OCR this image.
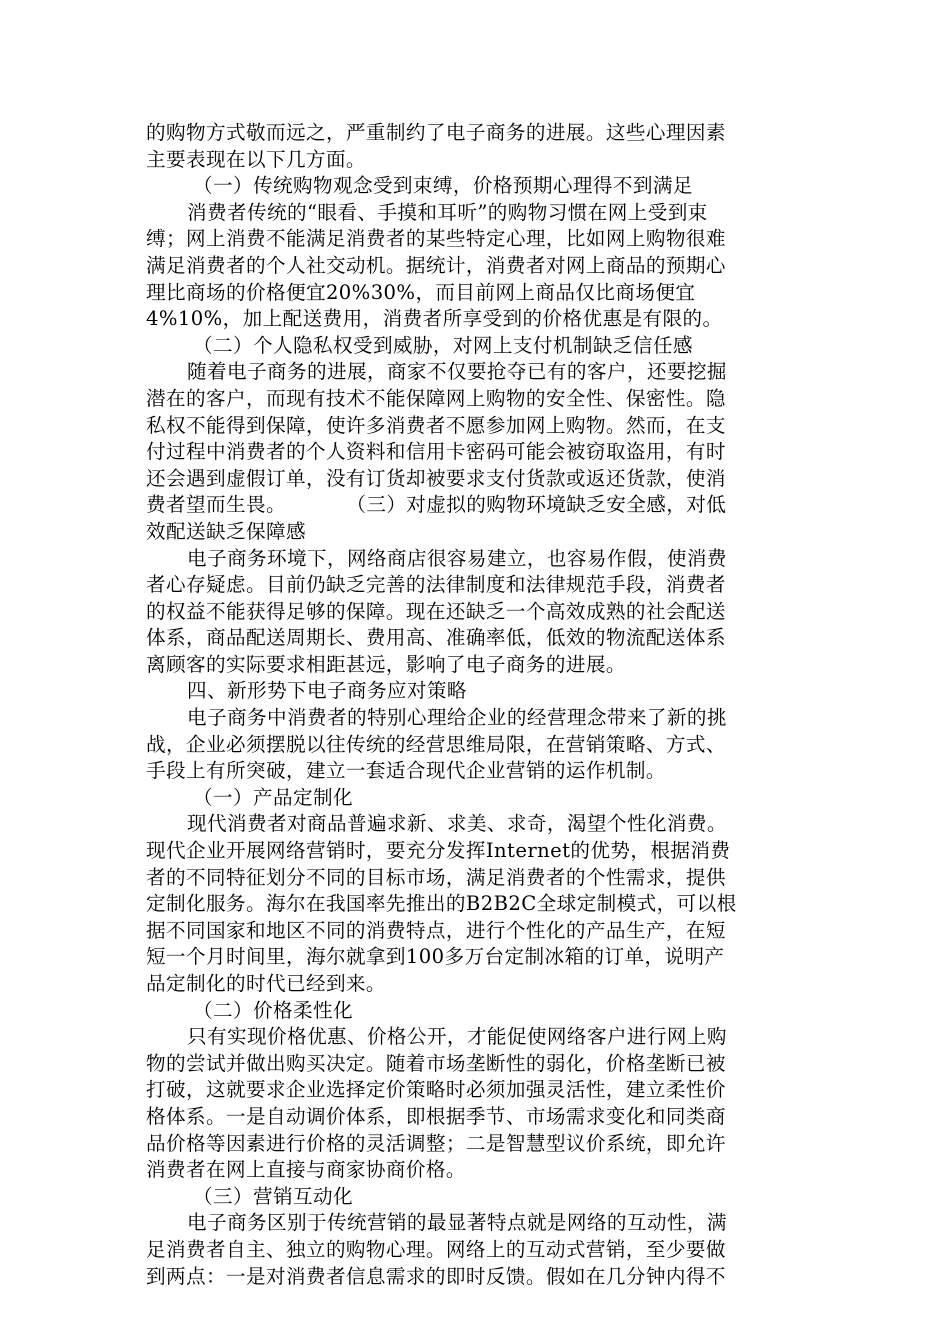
的购物方式敬而远之，严重制约了电子商务的进展。这些心理因素
主要表现在以下几方面。
（一）传统购物观念受到束缚，价格预期心理得不到满足
消费者传统的“眼看、手摸和耳听”的购物习惯在网上受到束
缚；网上消费不能满足消费者的某些特定心理，比如网上购物很难
满足消费者的个人社交动机。据统计，消费者对网上商品的预期心
理比商场的价格便宜20%30%，而目前网上商品仅比商场便宜
4%10%，加上配送费用，消费者所享受到的价格优惠是有限的。
（二）个人隐私权受到威胁，对网上支付机制缺乏信任感
随着电子商务的进展，商家不仅要抢夺已有的客户，还要挖掘
潜在的客户，而现有技术不能保障网上购物的安全性、保密性。隐
私权不能得到保障，使许多消费者不愿参加网上购物。然而，在支
付过程中消费者的个人资料和信用卡密码可能会被窃取盗用，有时
还会遇到虚假订单，没有订货却被要求支付货款或返还货款，使消
费者望而生畏。　　　　（三）对虚拟的购物环境缺乏安全感，对低
效配送缺乏保障感
电子商务环境下，网络商店很容易建立，也容易作假，使消费
者心存疑虑。目前仍缺乏完善的法律制度和法律规范手段，消费者
的权益不能获得足够的保障。现在还缺乏一个高效成熟的社会配送
体系，商品配送周期长、费用高、准确率低，低效的物流配送体系
离顾客的实际要求相距甚远，影响了电子商务的进展。
四、新形势下电子商务应对策略
电子商务中消费者的特别心理给企业的经营理念带来了新的挑
战，企业必须摆脱以往传统的经营思维局限，在营销策略、方式、
手段上有所突破，建立一套适合现代企业营销的运作机制。
（一）产品定制化
现代消费者对商品普遍求新、求美、求奇，渴望个性化消费。
现代企业开展网络营销时，要充分发挥Internet的优势，根据消费
者的不同特征划分不同的目标市场，满足消费者的个性需求，提供
定制化服务。海尔在我国率先推出的B2B2C全球定制模式，可以根
据不同国家和地区不同的消费特点，进行个性化的产品生产，在短
短一个月时间里，海尔就拿到100多万台定制冰箱的订单，说明产
品定制化的时代已经到来。
（二）价格柔性化
只有实现价格优惠、价格公开，才能促使网络客户进行网上购
物的尝试并做出购买决定。随着市场垄断性的弱化，价格垄断已被
打破，这就要求企业选择定价策略时必须加强灵活性，建立柔性价
格体系。一是自动调价体系，即根据季节、市场需求变化和同类商
品价格等因素进行价格的灵活调整；二是智慧型议价系统，即允许
消费者在网上直接与商家协商价格。
（三）营销互动化
电子商务区别于传统营销的最显著特点就是网络的互动性，满
足消费者自主、独立的购物心理。网络上的互动式营销，至少要做
到两点：一是对消费者信息需求的即时反馈。假如在几分钟内得不
